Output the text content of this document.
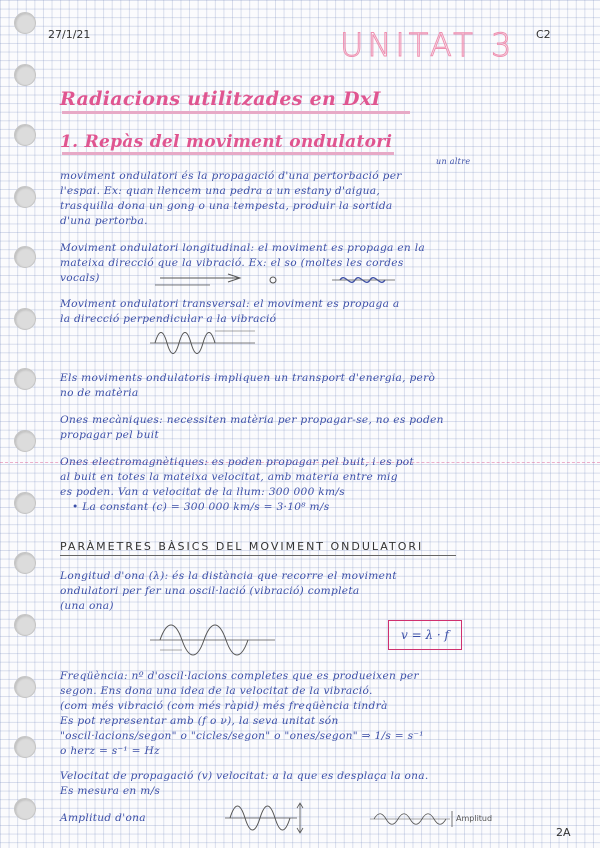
27/1/21	C2
UNITAT 3
Radiacions utilitzades en DxI
1. Repàs del moviment ondulatori
un altre
moviment ondulatori és la propagació d'una pertorbació per
l'espai. Ex: quan llencem una pedra a un estany d'aigua,
trasquilla dona un gong o una tempesta, produir la sortida
d'una pertorba.
Moviment ondulatori longitudinal: el moviment es propaga en la
mateixa direcció que la vibració. Ex: el so (moltes les cordes
vocals)
Moviment ondulatori transversal: el moviment es propaga a
la direcció perpendicular a la vibració
Els moviments ondulatoris impliquen un transport d'energia, però
no de matèria
Ones mecàniques: necessiten matèria per propagar-se, no es poden
propagar pel buit
Ones electromagnètiques: es poden propagar pel buit, i es pot
al buit en totes la mateixa velocitat, amb materia entre mig
es poden. Van a velocitat de la llum: 300 000 km/s
• La constant (c) = 300 000 km/s = 3·10⁸ m/s
PARÀMETRES BÀSICS DEL MOVIMENT ONDULATORI
Longitud d'ona (λ): és la distància que recorre el moviment
ondulatori per fer una oscil·lació (vibració) completa
(una ona)
v = λ · f
Freqüència: nº d'oscil·lacions completes que es produeixen per
segon. Ens dona una idea de la velocitat de la vibració.
(com més vibració (com més ràpid) més freqüència tindrà
Es pot representar amb (f o ν), la seva unitat són
"oscil·lacions/segon" o "cicles/segon" o "ones/segon" ⇒ 1/s = s⁻¹
o herz = s⁻¹ = Hz
Velocitat de propagació (v) velocitat: a la que es desplaça la ona.
Es mesura en m/s
Amplitud d'ona	Amplitud
2A
